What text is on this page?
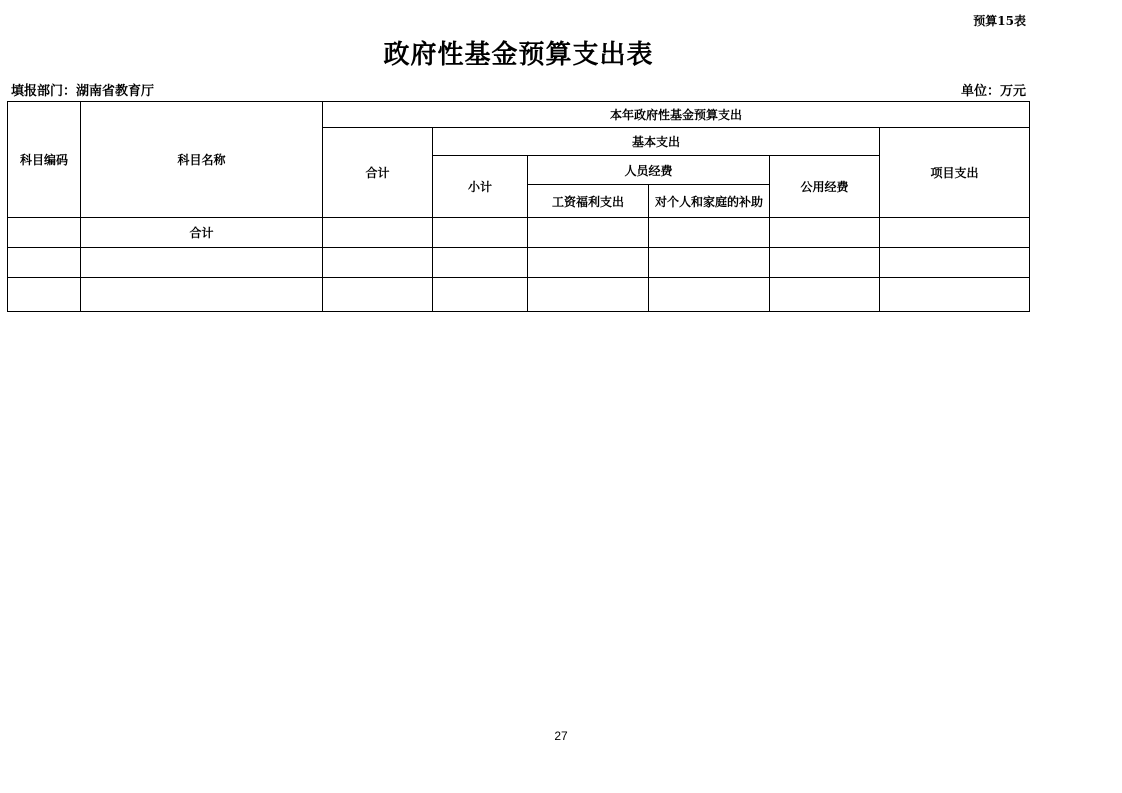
预算15表
政府性基金预算支出表
填报部门：湖南省教育厅	单位：万元
科目编码	科目名称	本年政府性基金预算支出					
		合计	基本支出				项目支出
			小计	人员经费		公用经费	
				工资福利支出	对个人和家庭的补助		
	合计						

27
